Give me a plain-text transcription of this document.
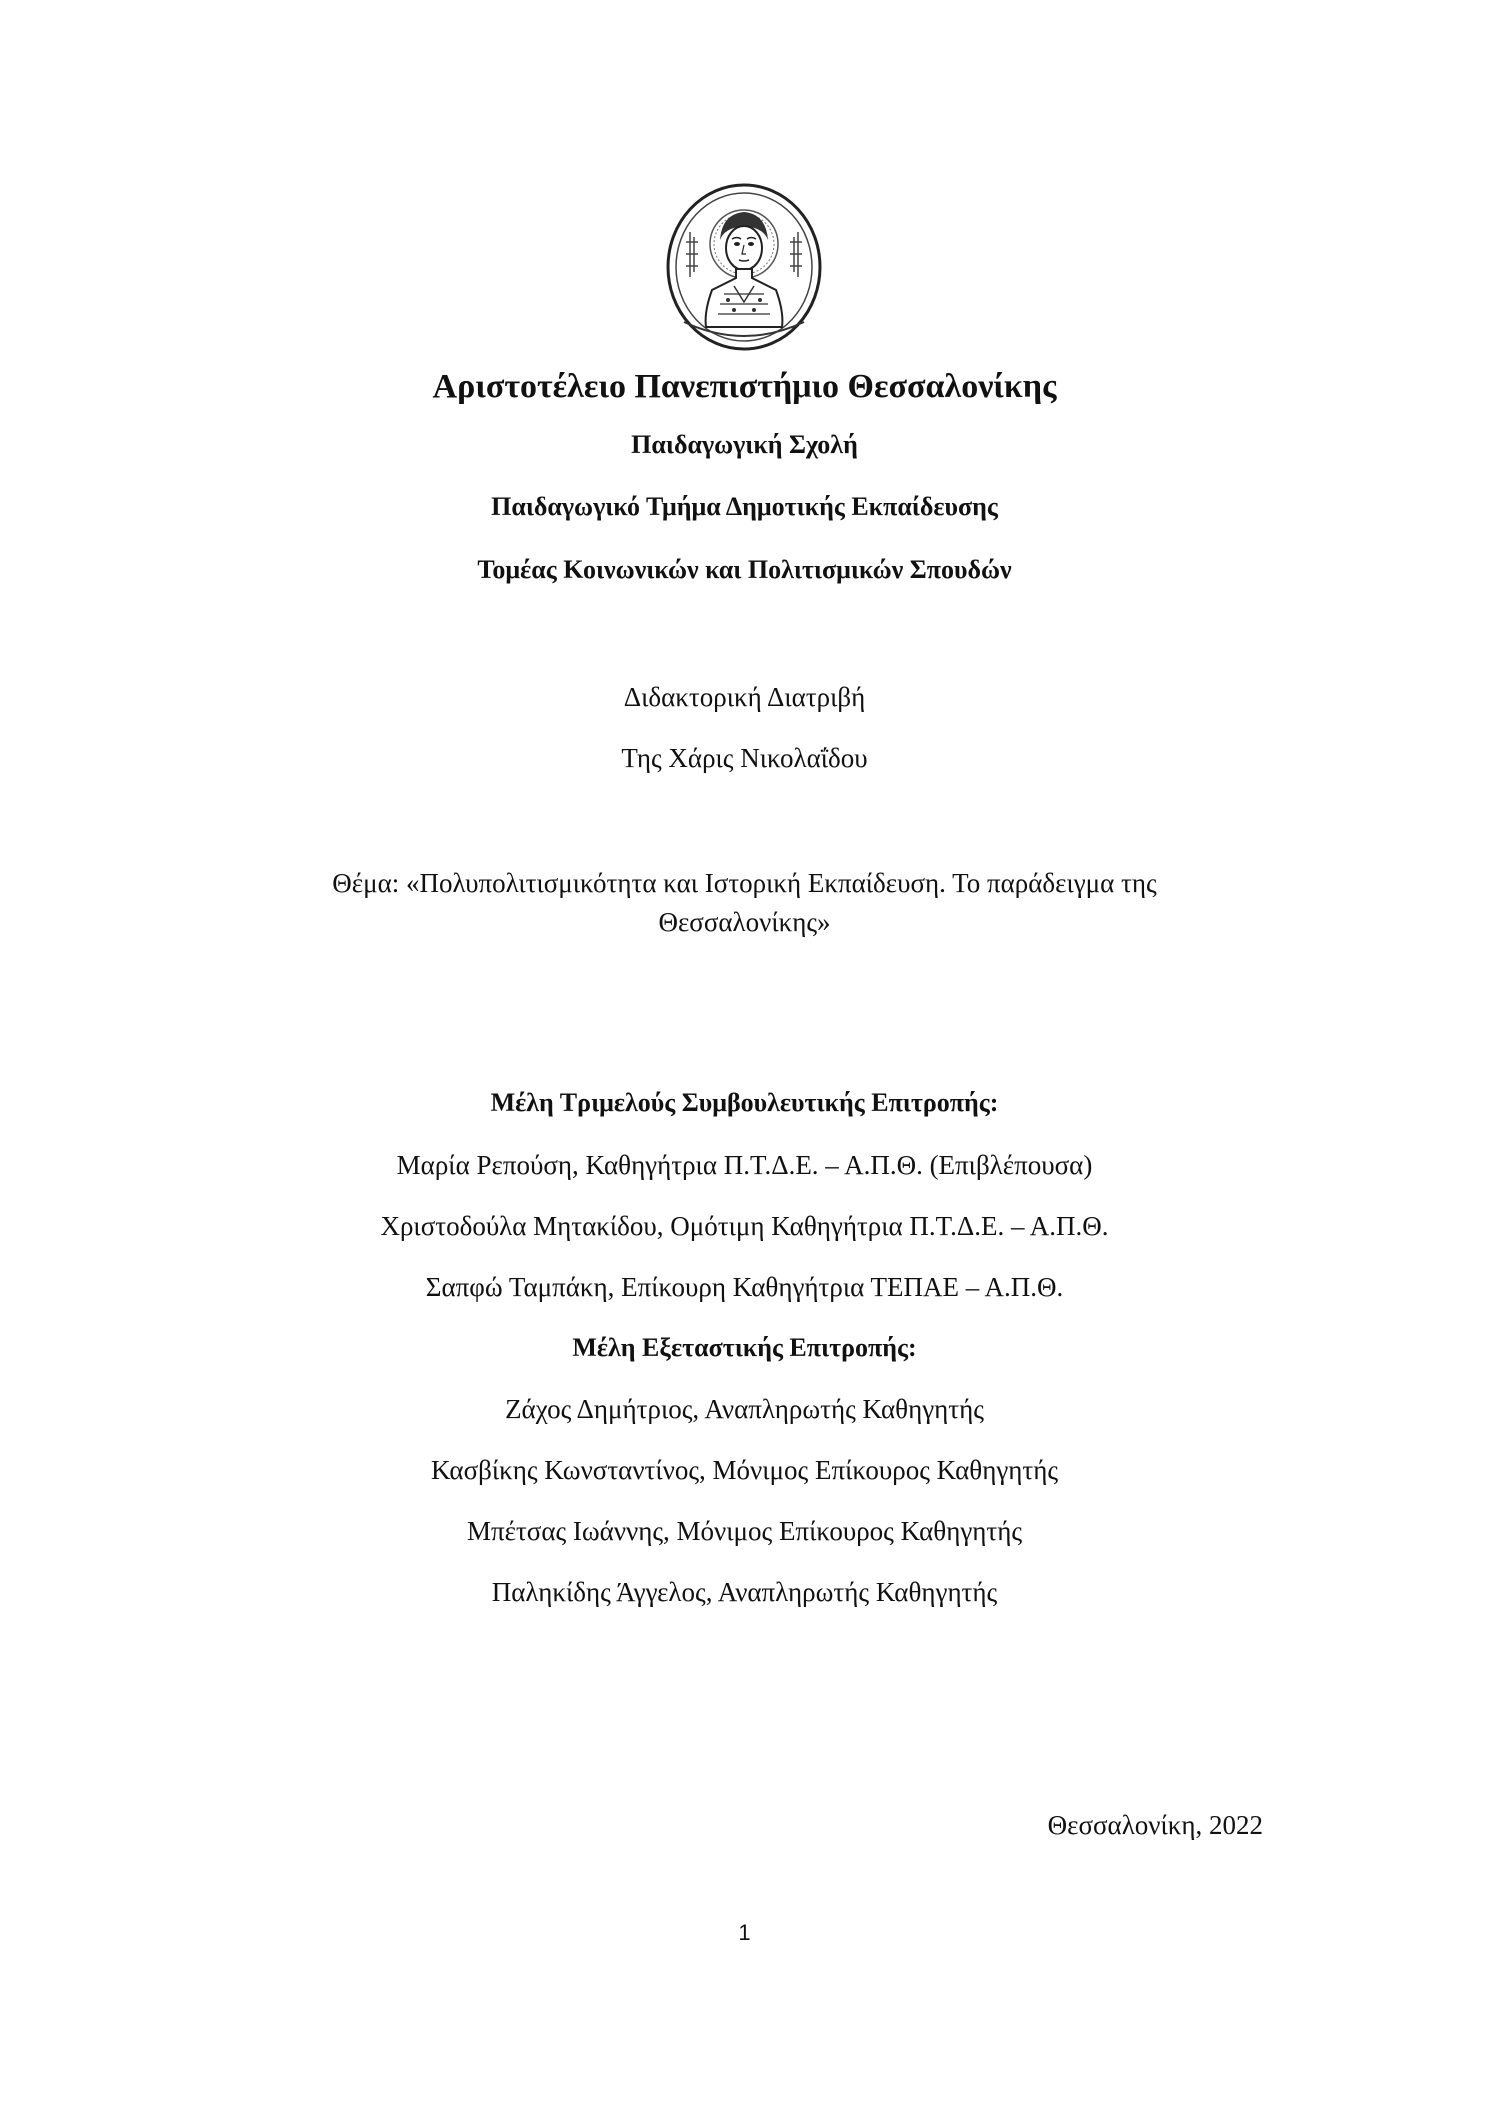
Αριστοτέλειο Πανεπιστήμιο Θεσσαλονίκης
Παιδαγωγική Σχολή
Παιδαγωγικό Τμήμα Δημοτικής Εκπαίδευσης
Τομέας Κοινωνικών και Πολιτισμικών Σπουδών
Διδακτορική Διατριβή
Της Χάρις Νικολαΐδου
Θέμα: «Πολυπολιτισμικότητα και Ιστορική Εκπαίδευση. Το παράδειγμα της
Θεσσαλονίκης»
Μέλη Τριμελούς Συμβουλευτικής Επιτροπής:
Μαρία Ρεπούση, Καθηγήτρια Π.Τ.Δ.Ε. – Α.Π.Θ. (Επιβλέπουσα)
Χριστοδούλα Μητακίδου, Ομότιμη Καθηγήτρια Π.Τ.Δ.Ε. – Α.Π.Θ.
Σαπφώ Ταμπάκη, Επίκουρη Καθηγήτρια ΤΕΠΑΕ – Α.Π.Θ.
Μέλη Εξεταστικής Επιτροπής:
Ζάχος Δημήτριος, Αναπληρωτής Καθηγητής
Κασβίκης Κωνσταντίνος, Μόνιμος Επίκουρος Καθηγητής
Μπέτσας Ιωάννης, Μόνιμος Επίκουρος Καθηγητής
Παληκίδης Άγγελος, Αναπληρωτής Καθηγητής
Θεσσαλονίκη, 2022
1
